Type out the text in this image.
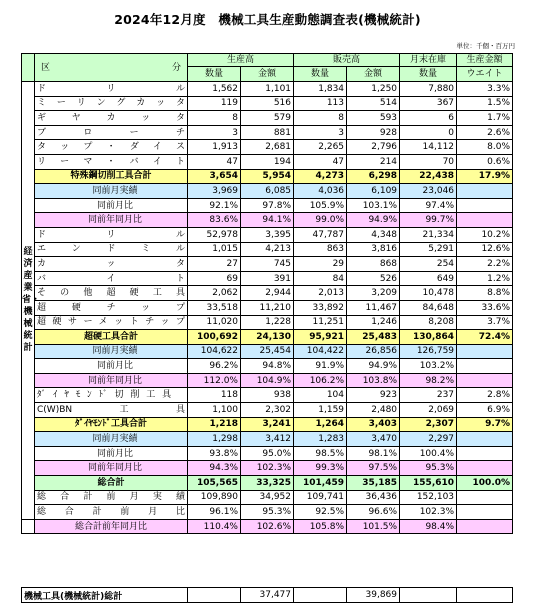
2024年12月度　機械工具生産動態調査表(機械統計)
単位：千個・百万円

	区 分	生産高		販売高		月末在庫	生産金額
		数量	金額	数量	金額	数量	ウエイト
経済産業省・機械統計	ド　リ　ル	1,562	1,101	1,834	1,250	7,880	3.3%
	ミーリングカッタ	119	516	113	514	367	1.5%
	ギヤカッタ	8	579	8	593	6	1.7%
	ブローチ	3	881	3	928	0	2.6%
	タップ・ダイス	1,913	2,681	2,265	2,796	14,112	8.0%
	リーマ・バイト	47	194	47	214	70	0.6%
	特殊鋼切削工具合計	3,654	5,954	4,273	6,298	22,438	17.9%
	同前月実績	3,969	6,085	4,036	6,109	23,046	
	同前月比	92.1%	97.8%	105.9%	103.1%	97.4%	
	同前年同月比	83.6%	94.1%	99.0%	94.9%	99.7%	
	ドリル	52,978	3,395	47,787	4,348	21,334	10.2%
	エンドミル	1,015	4,213	863	3,816	5,291	12.6%
	カッタ	27	745	29	868	254	2.2%
	バイト	69	391	84	526	649	1.2%
	その他超硬工具	2,062	2,944	2,013	3,209	10,478	8.8%
	超硬チップ	33,518	11,210	33,892	11,467	84,648	33.6%
	超硬サーメットチップ	11,020	1,228	11,251	1,246	8,208	3.7%
	超硬工具合計	100,692	24,130	95,921	25,483	130,864	72.4%
	同前月実績	104,622	25,454	104,422	26,856	126,759	
	同前月比	96.2%	94.8%	91.9%	94.9%	103.2%	
	同前年同月比	112.0%	104.9%	106.2%	103.8%	98.2%	
	ﾀﾞｲﾔﾓﾝﾄﾞ切削工具	118	938	104	923	237	2.8%
	C(W)BN工具	1,100	2,302	1,159	2,480	2,069	6.9%
	ﾀﾞｲﾔﾓﾝﾄﾞ工具合計	1,218	3,241	1,264	3,403	2,307	9.7%
	同前月実績	1,298	3,412	1,283	3,470	2,297	
	同前月比	93.8%	95.0%	98.5%	98.1%	100.4%	
	同前年同月比	94.3%	102.3%	99.3%	97.5%	95.3%	
	総合計	105,565	33,325	101,459	35,185	155,610	100.0%
	総合計前月実績	109,890	34,952	109,741	36,436	152,103	
	総合計前月比	96.1%	95.3%	92.5%	96.6%	102.3%	
	総合計前年同月比	110.4%	102.6%	105.8%	101.5%	98.4%	
機械工具(機械統計)総計		37,477		39,869		
